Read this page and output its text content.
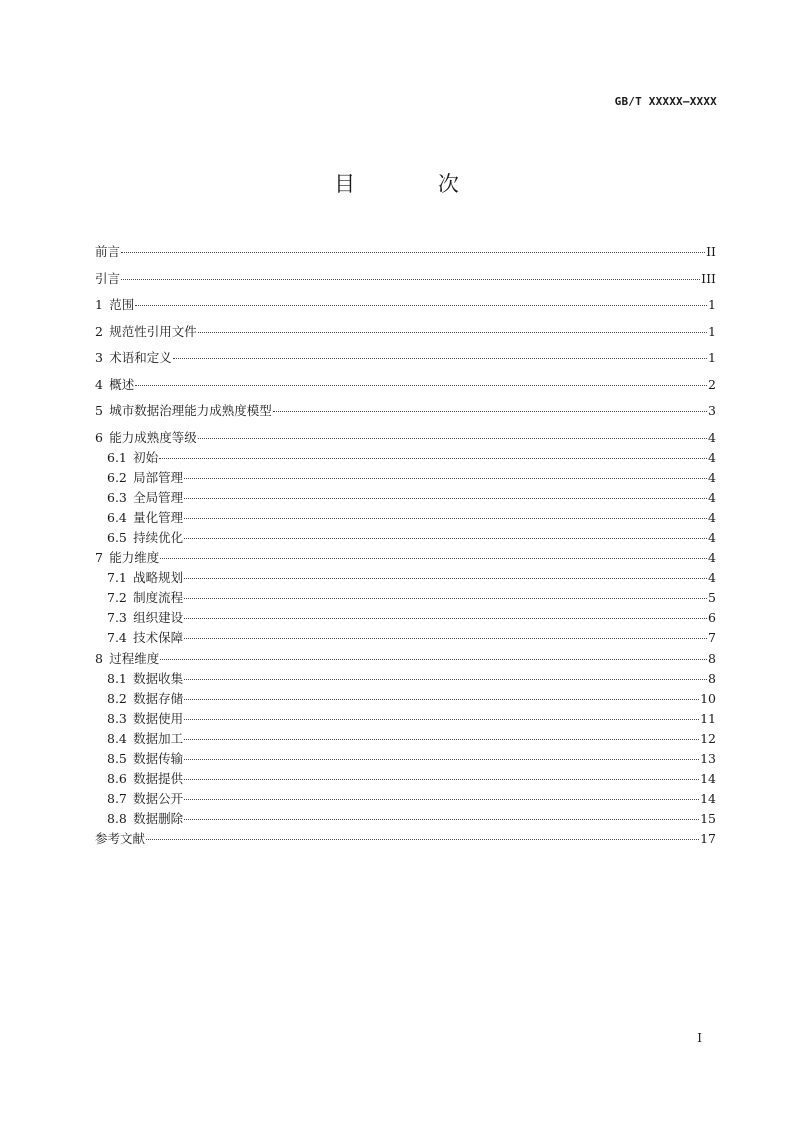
GB/T XXXXX—XXXX
目 次
前言	II
引言	III
1  范围	1
2  规范性引用文件	1
3  术语和定义	1
4  概述	2
5  城市数据治理能力成熟度模型	3
6  能力成熟度等级	4
6.1  初始	4
6.2  局部管理	4
6.3  全局管理	4
6.4  量化管理	4
6.5  持续优化	4
7  能力维度	4
7.1  战略规划	4
7.2  制度流程	5
7.3  组织建设	6
7.4  技术保障	7
8  过程维度	8
8.1  数据收集	8
8.2  数据存储	10
8.3  数据使用	11
8.4  数据加工	12
8.5  数据传输	13
8.6  数据提供	14
8.7  数据公开	14
8.8  数据删除	15
参考文献	17
I
